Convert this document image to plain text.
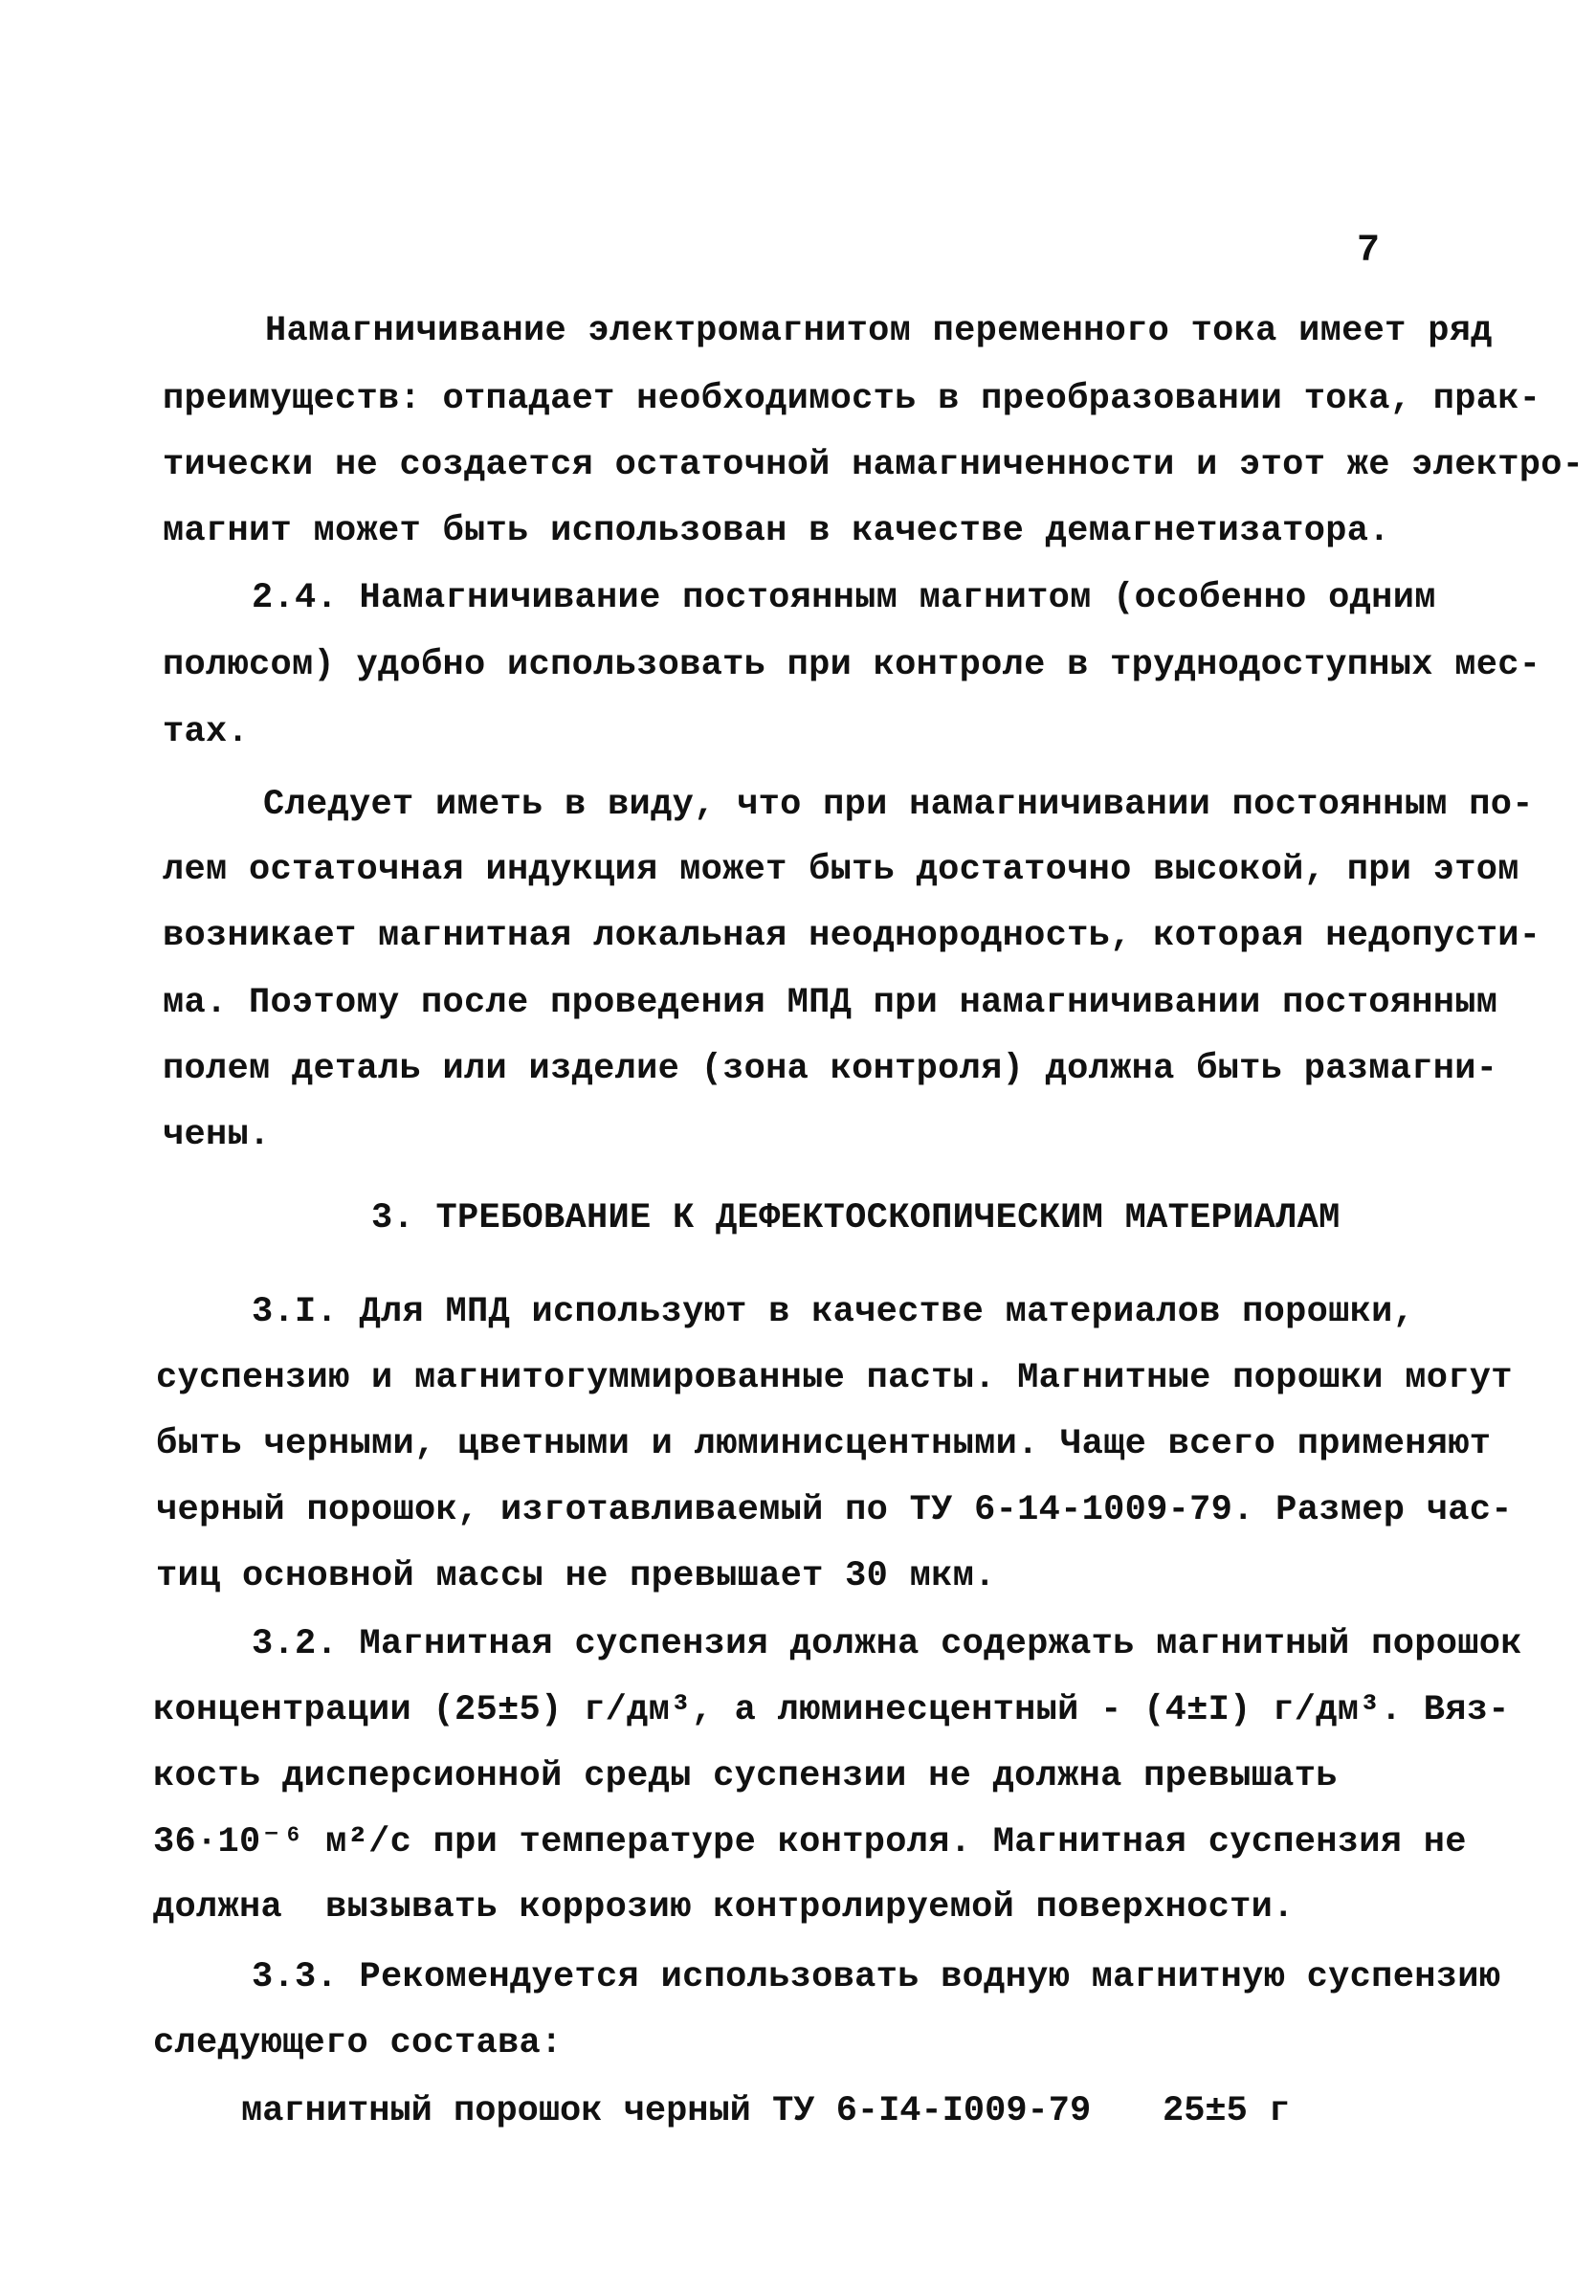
7
Намагничивание электромагнитом переменного тока имеет ряд
преимуществ: отпадает необходимость в преобразовании тока, прак-
тически не создается остаточной намагниченности и этот же электро-
магнит может быть использован в качестве демагнетизатора.
2.4. Намагничивание постоянным магнитом (особенно одним
полюсом) удобно использовать при контроле в труднодоступных мес-
тах.
Следует иметь в виду, что при намагничивании постоянным по-
лем остаточная индукция может быть достаточно высокой, при этом
возникает магнитная локальная неоднородность, которая недопусти-
ма. Поэтому после проведения МПД при намагничивании постоянным
полем деталь или изделие (зона контроля) должна быть размагни-
чены.
3. ТРЕБОВАНИЕ К ДЕФЕКТОСКОПИЧЕСКИМ МАТЕРИАЛАМ
3.I. Для МПД используют в качестве материалов порошки,
суспензию и магнитогуммированные пасты. Магнитные порошки могут
быть черными, цветными и люминисцентными. Чаще всего применяют
черный порошок, изготавливаемый по ТУ 6-14-1009-79. Размер час-
тиц основной массы не превышает 30 мкм.
3.2. Магнитная суспензия должна содержать магнитный порошок
концентрации (25±5) г/дм³, а люминесцентный - (4±I) г/дм³. Вяз-
кость дисперсионной среды суспензии не должна превышать
36·10⁻⁶ м²/с при температуре контроля. Магнитная суспензия не
должна  вызывать коррозию контролируемой поверхности.
3.3. Рекомендуется использовать водную магнитную суспензию
следующего состава:
магнитный порошок черный ТУ 6-I4-I009-79 25±5 г
